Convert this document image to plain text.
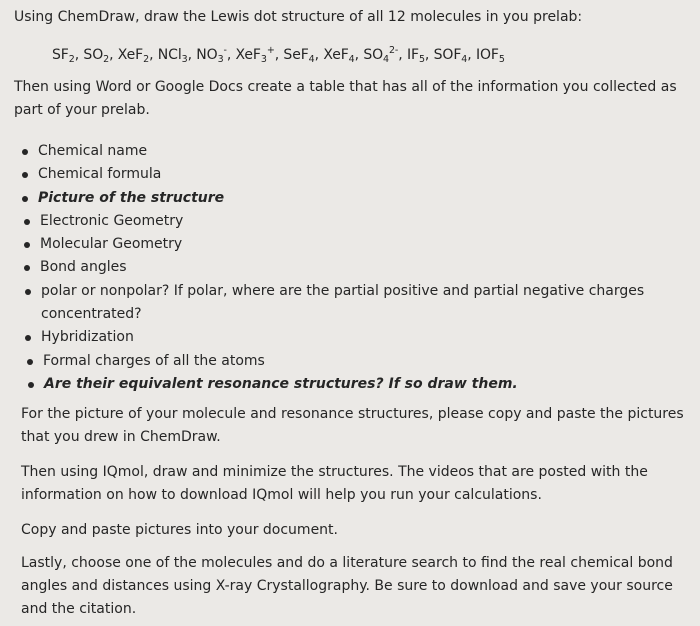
Using ChemDraw, draw the Lewis dot structure of all 12 molecules in you prelab:

$SF_2$, $SO_2$, XeF$_2$, NCl$_3$, $NO_3^-$, XeF$_3$+, SeF$_4$, XeF$_4$, $SO_4^{2-}$, $IF_5$, $SOF_4$, $IOF_5$

Then using Word or Google Docs create a table that has all of the information you collected as part of your prelab.

Chemical name
Chemical formula
Picture of the structure
Electronic Geometry
Molecular Geometry
Bond angles
polar or nonpolar? If polar, where are the partial positive and partial negative charges
concentrated?
Hybridization
Formal charges of all the atoms
Are their equivalent resonance structures? If so draw them.

For the picture of your molecule and resonance structures, please copy and paste the pictures that you drew in ChemDraw.

Then using IQmol, draw and minimize the structures. The videos that are posted with the information on how to download IQmol will help you run your calculations.

Copy and paste pictures into your document.

Lastly, choose one of the molecules and do a literature search to find the real chemical bond angles and distances using X-ray Crystallography. Be sure to download and save your source and the citation.
